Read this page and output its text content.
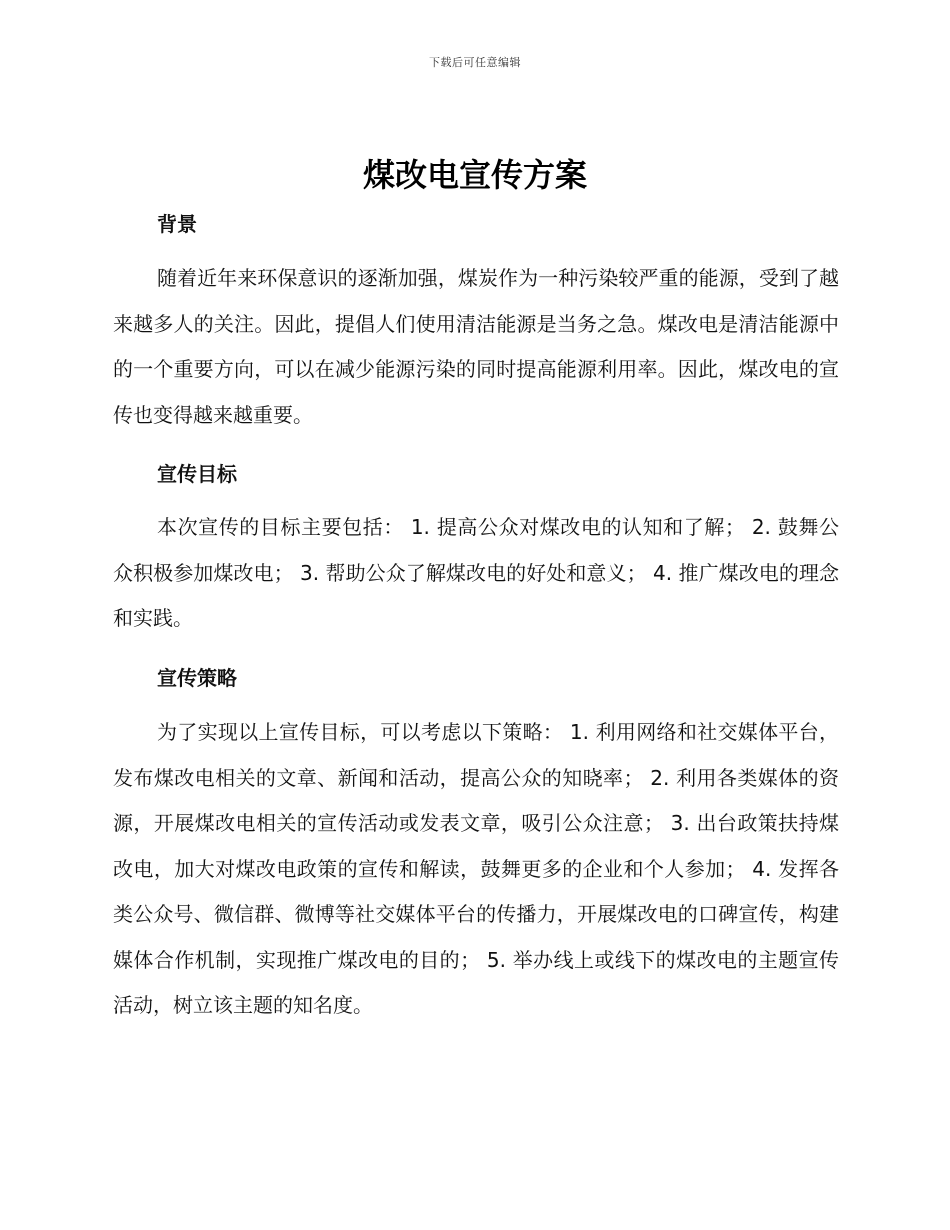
下载后可任意编辑
煤改电宣传方案
背景

随着近年来环保意识的逐渐加强，煤炭作为一种污染较严重的能源，受到了越来越多人的关注。因此，提倡人们使用清洁能源是当务之急。煤改电是清洁能源中的一个重要方向，可以在减少能源污染的同时提高能源利用率。因此，煤改电的宣传也变得越来越重要。

宣传目标

本次宣传的目标主要包括： 1. 提高公众对煤改电的认知和了解； 2. 鼓舞公众积极参加煤改电； 3. 帮助公众了解煤改电的好处和意义； 4. 推广煤改电的理念和实践。

宣传策略

为了实现以上宣传目标，可以考虑以下策略： 1. 利用网络和社交媒体平台，发布煤改电相关的文章、新闻和活动，提高公众的知晓率； 2. 利用各类媒体的资源，开展煤改电相关的宣传活动或发表文章，吸引公众注意； 3. 出台政策扶持煤改电，加大对煤改电政策的宣传和解读，鼓舞更多的企业和个人参加； 4. 发挥各类公众号、微信群、微博等社交媒体平台的传播力，开展煤改电的口碑宣传，构建媒体合作机制，实现推广煤改电的目的； 5. 举办线上或线下的煤改电的主题宣传活动，树立该主题的知名度。
